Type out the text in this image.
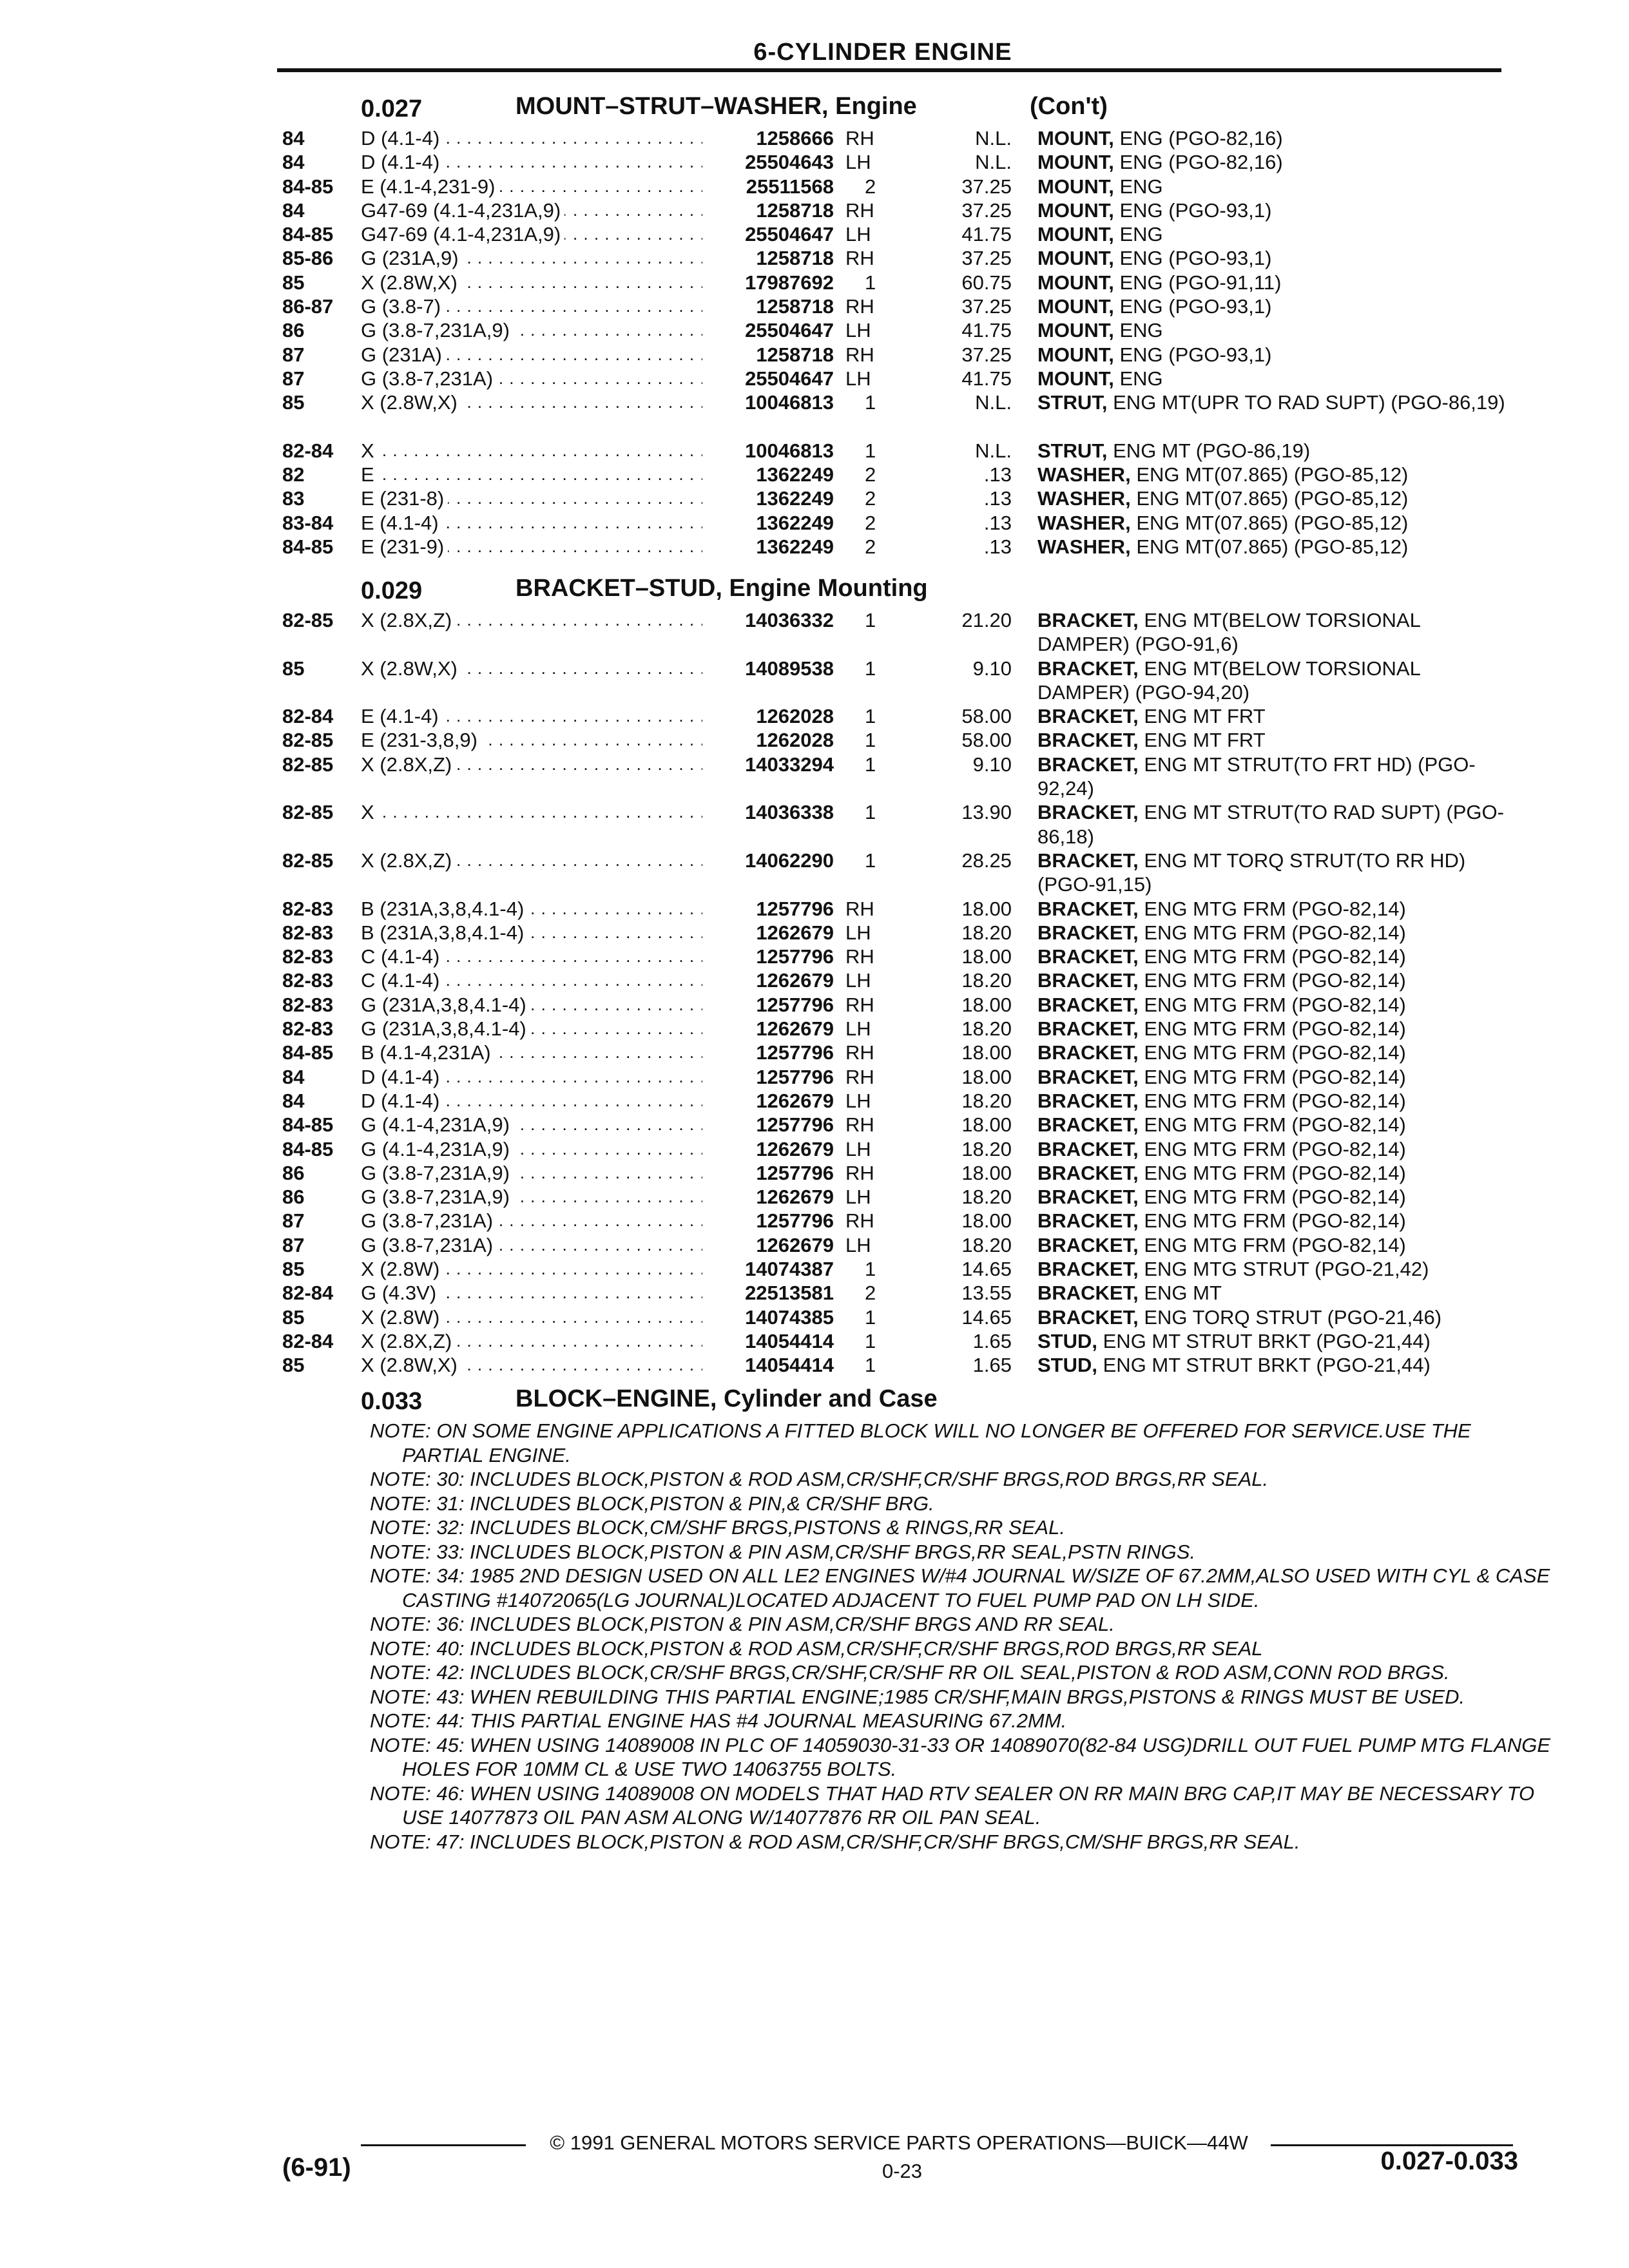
6-CYLINDER ENGINE
0.027	MOUNT–STRUT–WASHER, Engine	(Con't)
84	D (4.1-4) . . .	1258666 RH	N.L. MOUNT, ENG (PGO-82,16)
84	D (4.1-4) . . .	25504643 LH	N.L. MOUNT, ENG (PGO-82,16)
84-85 E (4.1-4,231-9) . . .	25511568 2	37.25 MOUNT, ENG
84	G47-69 (4.1-4,231A,9) . . .	1258718 RH	37.25 MOUNT, ENG (PGO-93,1)
84-85 G47-69 (4.1-4,231A,9) . . .	25504647 LH	41.75 MOUNT, ENG
85-86 G (231A,9) . . .	1258718 RH	37.25 MOUNT, ENG (PGO-93,1)
85	X (2.8W,X) . . .	17987692 1	60.75 MOUNT, ENG (PGO-91,11)
86-87 G (3.8-7) . . .	1258718 RH	37.25 MOUNT, ENG (PGO-93,1)
86	G (3.8-7,231A,9) . . .	25504647 LH	41.75 MOUNT, ENG
87	G (231A) . . .	1258718 RH	37.25 MOUNT, ENG (PGO-93,1)
87	G (3.8-7,231A) . . .	25504647 LH	41.75 MOUNT, ENG
85	X (2.8W,X) . . .	10046813 1	N.L. STRUT, ENG MT(UPR TO RAD SUPT) (PGO-86,19)
82-84 X . . .	10046813 1	N.L. STRUT, ENG MT (PGO-86,19)
82	E . . .	1362249 2	.13 WASHER, ENG MT(07.865) (PGO-85,12)
83	E (231-8) . . .	1362249 2	.13 WASHER, ENG MT(07.865) (PGO-85,12)
83-84 E (4.1-4) . . .	1362249 2	.13 WASHER, ENG MT(07.865) (PGO-85,12)
84-85 E (231-9) . . .	1362249 2	.13 WASHER, ENG MT(07.865) (PGO-85,12)
0.029	BRACKET–STUD, Engine Mounting
82-85 X (2.8X,Z) . . .	14036332 1	21.20 BRACKET, ENG MT(BELOW TORSIONAL DAMPER) (PGO-91,6)
85	X (2.8W,X) . . .	14089538 1	9.10 BRACKET, ENG MT(BELOW TORSIONAL DAMPER) (PGO-94,20)
82-84 E (4.1-4) . . .	1262028 1	58.00 BRACKET, ENG MT FRT
82-85 E (231-3,8,9) . . .	1262028 1	58.00 BRACKET, ENG MT FRT
82-85 X (2.8X,Z) . . .	14033294 1	9.10 BRACKET, ENG MT STRUT(TO FRT HD) (PGO-92,24)
82-85 X . . .	14036338 1	13.90 BRACKET, ENG MT STRUT(TO RAD SUPT) (PGO-86,18)
82-85 X (2.8X,Z) . . .	14062290 1	28.25 BRACKET, ENG MT TORQ STRUT(TO RR HD) (PGO-91,15)
82-83 B (231A,3,8,4.1-4) . . .	1257796 RH	18.00 BRACKET, ENG MTG FRM (PGO-82,14)
82-83 B (231A,3,8,4.1-4) . . .	1262679 LH	18.20 BRACKET, ENG MTG FRM (PGO-82,14)
82-83 C (4.1-4) . . .	1257796 RH	18.00 BRACKET, ENG MTG FRM (PGO-82,14)
82-83 C (4.1-4) . . .	1262679 LH	18.20 BRACKET, ENG MTG FRM (PGO-82,14)
82-83 G (231A,3,8,4.1-4) . . .	1257796 RH	18.00 BRACKET, ENG MTG FRM (PGO-82,14)
82-83 G (231A,3,8,4.1-4) . . .	1262679 LH	18.20 BRACKET, ENG MTG FRM (PGO-82,14)
84-85 B (4.1-4,231A) . . .	1257796 RH	18.00 BRACKET, ENG MTG FRM (PGO-82,14)
84	D (4.1-4) . . .	1257796 RH	18.00 BRACKET, ENG MTG FRM (PGO-82,14)
84	D (4.1-4) . . .	1262679 LH	18.20 BRACKET, ENG MTG FRM (PGO-82,14)
84-85 G (4.1-4,231A,9) . . .	1257796 RH	18.00 BRACKET, ENG MTG FRM (PGO-82,14)
84-85 G (4.1-4,231A,9) . . .	1262679 LH	18.20 BRACKET, ENG MTG FRM (PGO-82,14)
86	G (3.8-7,231A,9) . . .	1257796 RH	18.00 BRACKET, ENG MTG FRM (PGO-82,14)
86	G (3.8-7,231A,9) . . .	1262679 LH	18.20 BRACKET, ENG MTG FRM (PGO-82,14)
87	G (3.8-7,231A) . . .	1257796 RH	18.00 BRACKET, ENG MTG FRM (PGO-82,14)
87	G (3.8-7,231A) . . .	1262679 LH	18.20 BRACKET, ENG MTG FRM (PGO-82,14)
85	X (2.8W) . . .	14074387 1	14.65 BRACKET, ENG MTG STRUT (PGO-21,42)
82-84 G (4.3V) . . .	22513581 2	13.55 BRACKET, ENG MT
85	X (2.8W) . . .	14074385 1	14.65 BRACKET, ENG TORQ STRUT (PGO-21,46)
82-84 X (2.8X,Z) . . .	14054414 1	1.65 STUD, ENG MT STRUT BRKT (PGO-21,44)
85	X (2.8W,X) . . .	14054414 1	1.65 STUD, ENG MT STRUT BRKT (PGO-21,44)
0.033	BLOCK–ENGINE, Cylinder and Case
NOTE: ON SOME ENGINE APPLICATIONS A FITTED BLOCK WILL NO LONGER BE OFFERED FOR SERVICE.USE THE PARTIAL ENGINE.
NOTE: 30: INCLUDES BLOCK,PISTON & ROD ASM,CR/SHF,CR/SHF BRGS,ROD BRGS,RR SEAL.
NOTE: 31: INCLUDES BLOCK,PISTON & PIN,& CR/SHF BRG.
NOTE: 32: INCLUDES BLOCK,CM/SHF BRGS,PISTONS & RINGS,RR SEAL.
NOTE: 33: INCLUDES BLOCK,PISTON & PIN ASM,CR/SHF BRGS,RR SEAL,PSTN RINGS.
NOTE: 34: 1985 2ND DESIGN USED ON ALL LE2 ENGINES W/#4 JOURNAL W/SIZE OF 67.2MM,ALSO USED WITH CYL & CASE CASTING #14072065(LG JOURNAL)LOCATED ADJACENT TO FUEL PUMP PAD ON LH SIDE.
NOTE: 36: INCLUDES BLOCK,PISTON & PIN ASM,CR/SHF BRGS AND RR SEAL.
NOTE: 40: INCLUDES BLOCK,PISTON & ROD ASM,CR/SHF,CR/SHF BRGS,ROD BRGS,RR SEAL
NOTE: 42: INCLUDES BLOCK,CR/SHF BRGS,CR/SHF,CR/SHF RR OIL SEAL,PISTON & ROD ASM,CONN ROD BRGS.
NOTE: 43: WHEN REBUILDING THIS PARTIAL ENGINE;1985 CR/SHF,MAIN BRGS,PISTONS & RINGS MUST BE USED.
NOTE: 44: THIS PARTIAL ENGINE HAS #4 JOURNAL MEASURING 67.2MM.
NOTE: 45: WHEN USING 14089008 IN PLC OF 14059030-31-33 OR 14089070(82-84 USG)DRILL OUT FUEL PUMP MTG FLANGE HOLES FOR 10MM CL & USE TWO 14063755 BOLTS.
NOTE: 46: WHEN USING 14089008 ON MODELS THAT HAD RTV SEALER ON RR MAIN BRG CAP,IT MAY BE NECESSARY TO USE 14077873 OIL PAN ASM ALONG W/14077876 RR OIL PAN SEAL.
NOTE: 47: INCLUDES BLOCK,PISTON & ROD ASM,CR/SHF,CR/SHF BRGS,CM/SHF BRGS,RR SEAL.
© 1991 GENERAL MOTORS SERVICE PARTS OPERATIONS—BUICK—44W
(6-91)	0-23	0.027-0.033
